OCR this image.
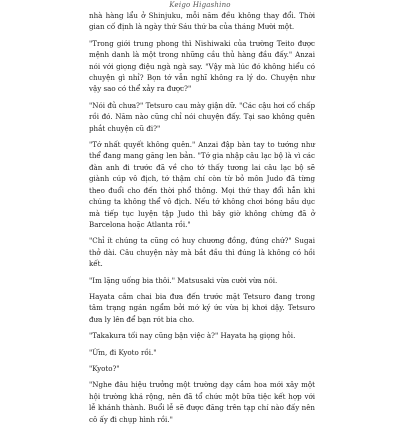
Keigo Higashino

nhà hàng lẩu ở Shinjuku, mỗi năm đều không thay đổi. Thời gian cố định là ngày thứ Sáu thứ ba của tháng Mười một.

"Trong giới trung phong thì Nishiwaki của trường Teito được mệnh danh là một trong những cầu thủ hàng đầu đấy." Anzai nói với giọng điệu ngà ngà say. "Vậy mà lúc đó không hiểu có chuyện gì nhỉ? Bọn tớ vẫn nghĩ không ra lý do. Chuyện như vậy sao có thể xảy ra được?"

"Nói đủ chưa?" Tetsuro cau mày giận dữ. "Các cậu hơi cố chấp rồi đó. Năm nào cũng chỉ nói chuyện đấy. Tại sao không quên phắt chuyện cũ đi?"

"Tớ nhất quyết không quên." Anzai đập bàn tay to tướng như thể đang mang găng len bản. "Tớ gia nhập câu lạc bộ là vì các đàn anh đi trước đã về cho tớ thấy tương lai câu lạc bộ sẽ giành cúp vô địch, tớ thậm chí còn từ bỏ môn Judo đã từng theo đuổi cho đến thời phổ thông. Mọi thứ thay đổi hẳn khi chúng ta không thể vô địch. Nếu tớ không chơi bóng bầu dục mà tiếp tục luyện tập Judo thì bây giờ không chừng đã ở Barcelona hoặc Atlanta rồi."

"Chỉ ít chúng ta cũng có huy chương đồng, đúng chứ?" Sugai thở dài. Câu chuyện này mà bắt đầu thì đúng là không có hồi kết.

"Im lặng uống bia thôi." Matsusaki vừa cười vừa nói.

Hayata cầm chai bia đưa đến trước mặt Tetsuro đang trong tâm trạng ngán ngẩm bởi mớ ký ức vừa bị khơi dậy. Tetsuro đưa ly lên để bạn rót bia cho.

"Takakura tối nay cũng bận việc à?" Hayata hạ giọng hỏi.

"Ừm, đi Kyoto rồi."

"Kyoto?"

"Nghe đâu hiệu trưởng một trường dạy cắm hoa mới xây một hội trường khá rộng, nên đã tổ chức một bữa tiệc kết hợp với lễ khánh thành. Buổi lễ sẽ được đăng trên tạp chí nào đấy nên cô ấy đi chụp hình rồi."
